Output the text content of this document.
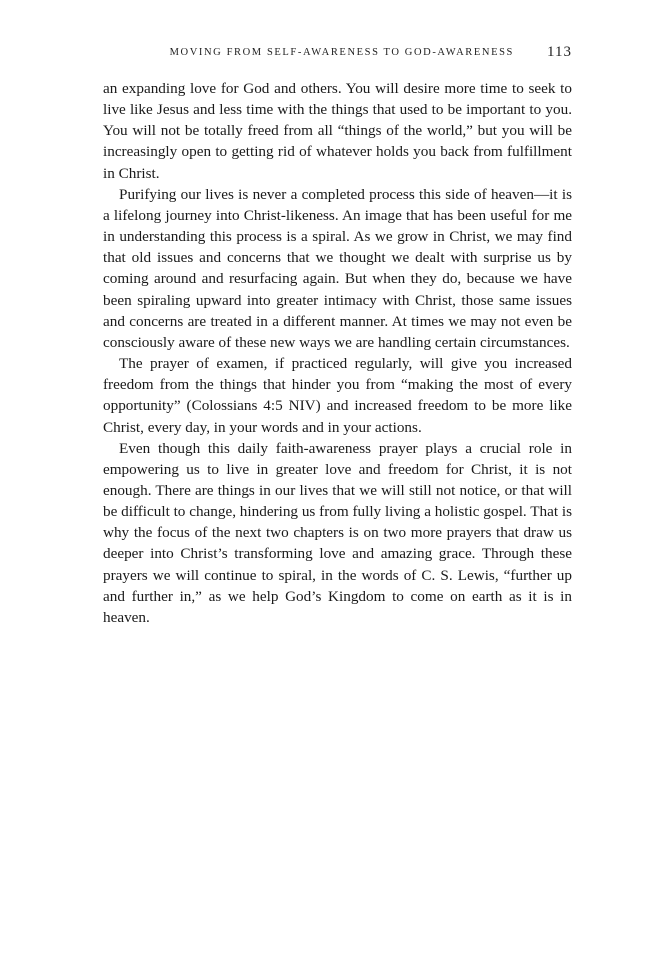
MOVING FROM SELF-AWARENESS TO GOD-AWARENESS 113

an expanding love for God and others. You will desire more time to seek to live like Jesus and less time with the things that used to be important to you. You will not be totally freed from all “things of the world,” but you will be increasingly open to getting rid of whatever holds you back from fulfillment in Christ.

Purifying our lives is never a completed process this side of heaven—it is a lifelong journey into Christ-likeness. An image that has been useful for me in understanding this process is a spiral. As we grow in Christ, we may find that old issues and concerns that we thought we dealt with surprise us by coming around and resurfacing again. But when they do, because we have been spiraling upward into greater intimacy with Christ, those same issues and concerns are treated in a different manner. At times we may not even be consciously aware of these new ways we are handling certain circumstances.

The prayer of examen, if practiced regularly, will give you increased freedom from the things that hinder you from “making the most of every opportunity” (Colossians 4:5 NIV) and increased freedom to be more like Christ, every day, in your words and in your actions.

Even though this daily faith-awareness prayer plays a crucial role in empowering us to live in greater love and freedom for Christ, it is not enough. There are things in our lives that we will still not notice, or that will be difficult to change, hindering us from fully living a holistic gospel. That is why the focus of the next two chapters is on two more prayers that draw us deeper into Christ’s transforming love and amazing grace. Through these prayers we will continue to spiral, in the words of C. S. Lewis, “further up and further in,” as we help God’s Kingdom to come on earth as it is in heaven.
